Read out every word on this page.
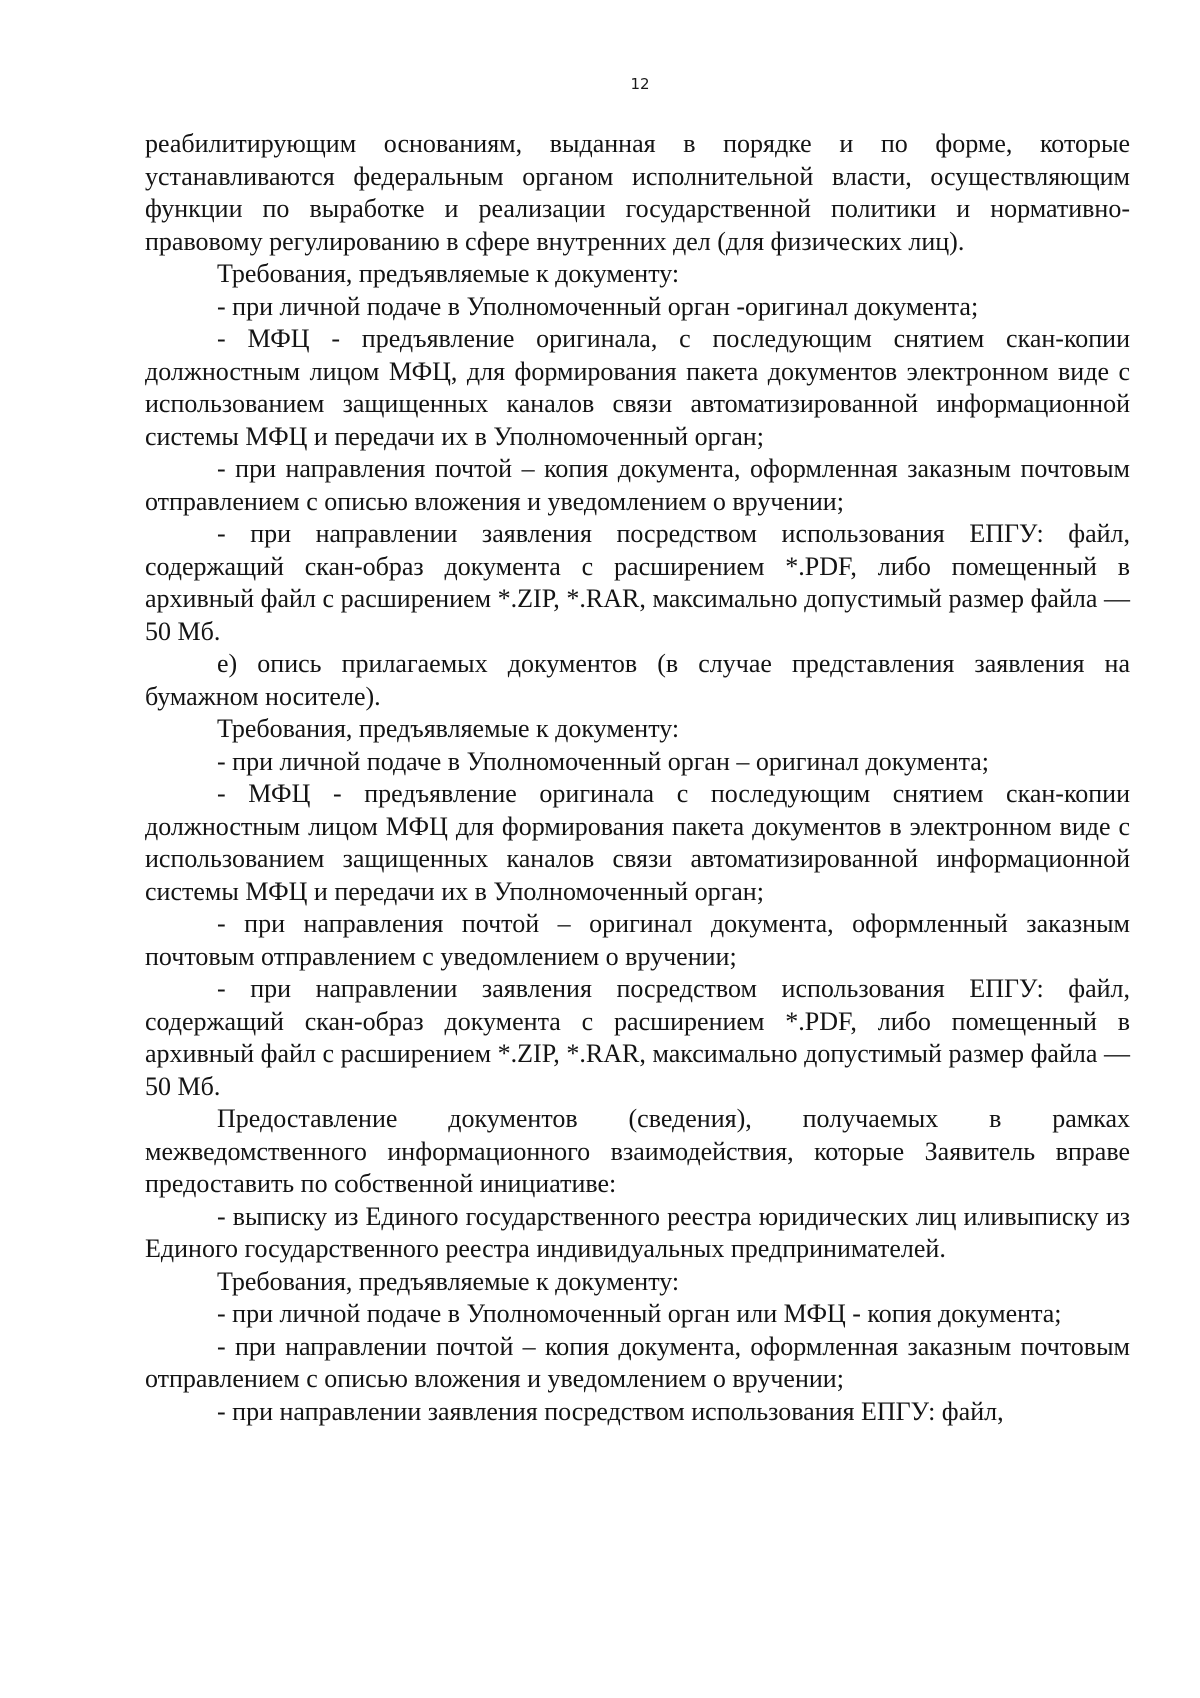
12

реабилитирующим основаниям, выданная в порядке и по форме, которые устанавливаются федеральным органом исполнительной власти, осуществляющим функции по выработке и реализации государственной политики и нормативно-правовому регулированию в сфере внутренних дел (для физических лиц).

Требования, предъявляемые к документу:

- при личной подаче в Уполномоченный орган -оригинал документа;

- МФЦ - предъявление оригинала, с последующим снятием скан-копии должностным лицом МФЦ, для формирования пакета документов электронном виде с использованием защищенных каналов связи автоматизированной информационной системы МФЦ и передачи их в Уполномоченный орган;

- при направления почтой – копия документа, оформленная заказным почтовым отправлением с описью вложения и уведомлением о вручении;

- при направлении заявления посредством использования ЕПГУ: файл, содержащий скан-образ документа с расширением *.PDF, либо помещенный в архивный файл с расширением *.ZIP, *.RAR, максимально допустимый размер файла — 50 Мб.

е) опись прилагаемых документов (в случае представления заявления на бумажном носителе).

Требования, предъявляемые к документу:

- при личной подаче в Уполномоченный орган – оригинал документа;

- МФЦ - предъявление оригинала с последующим снятием скан-копии должностным лицом МФЦ для формирования пакета документов в электронном виде с использованием защищенных каналов связи автоматизированной информационной системы МФЦ и передачи их в Уполномоченный орган;

- при направления почтой – оригинал документа, оформленный заказным почтовым отправлением с уведомлением о вручении;

- при направлении заявления посредством использования ЕПГУ: файл, содержащий скан-образ документа с расширением *.PDF, либо помещенный в архивный файл с расширением *.ZIP, *.RAR, максимально допустимый размер файла — 50 Мб.

Предоставление документов (сведения), получаемых в рамках межведомственного информационного взаимодействия, которые Заявитель вправе предоставить по собственной инициативе:

- выписку из Единого государственного реестра юридических лиц иливыписку из Единого государственного реестра индивидуальных предпринимателей.

Требования, предъявляемые к документу:

- при личной подаче в Уполномоченный орган или МФЦ - копия документа;

- при направлении почтой – копия документа, оформленная заказным почтовым отправлением с описью вложения и уведомлением о вручении;

- при направлении заявления посредством использования ЕПГУ: файл,
